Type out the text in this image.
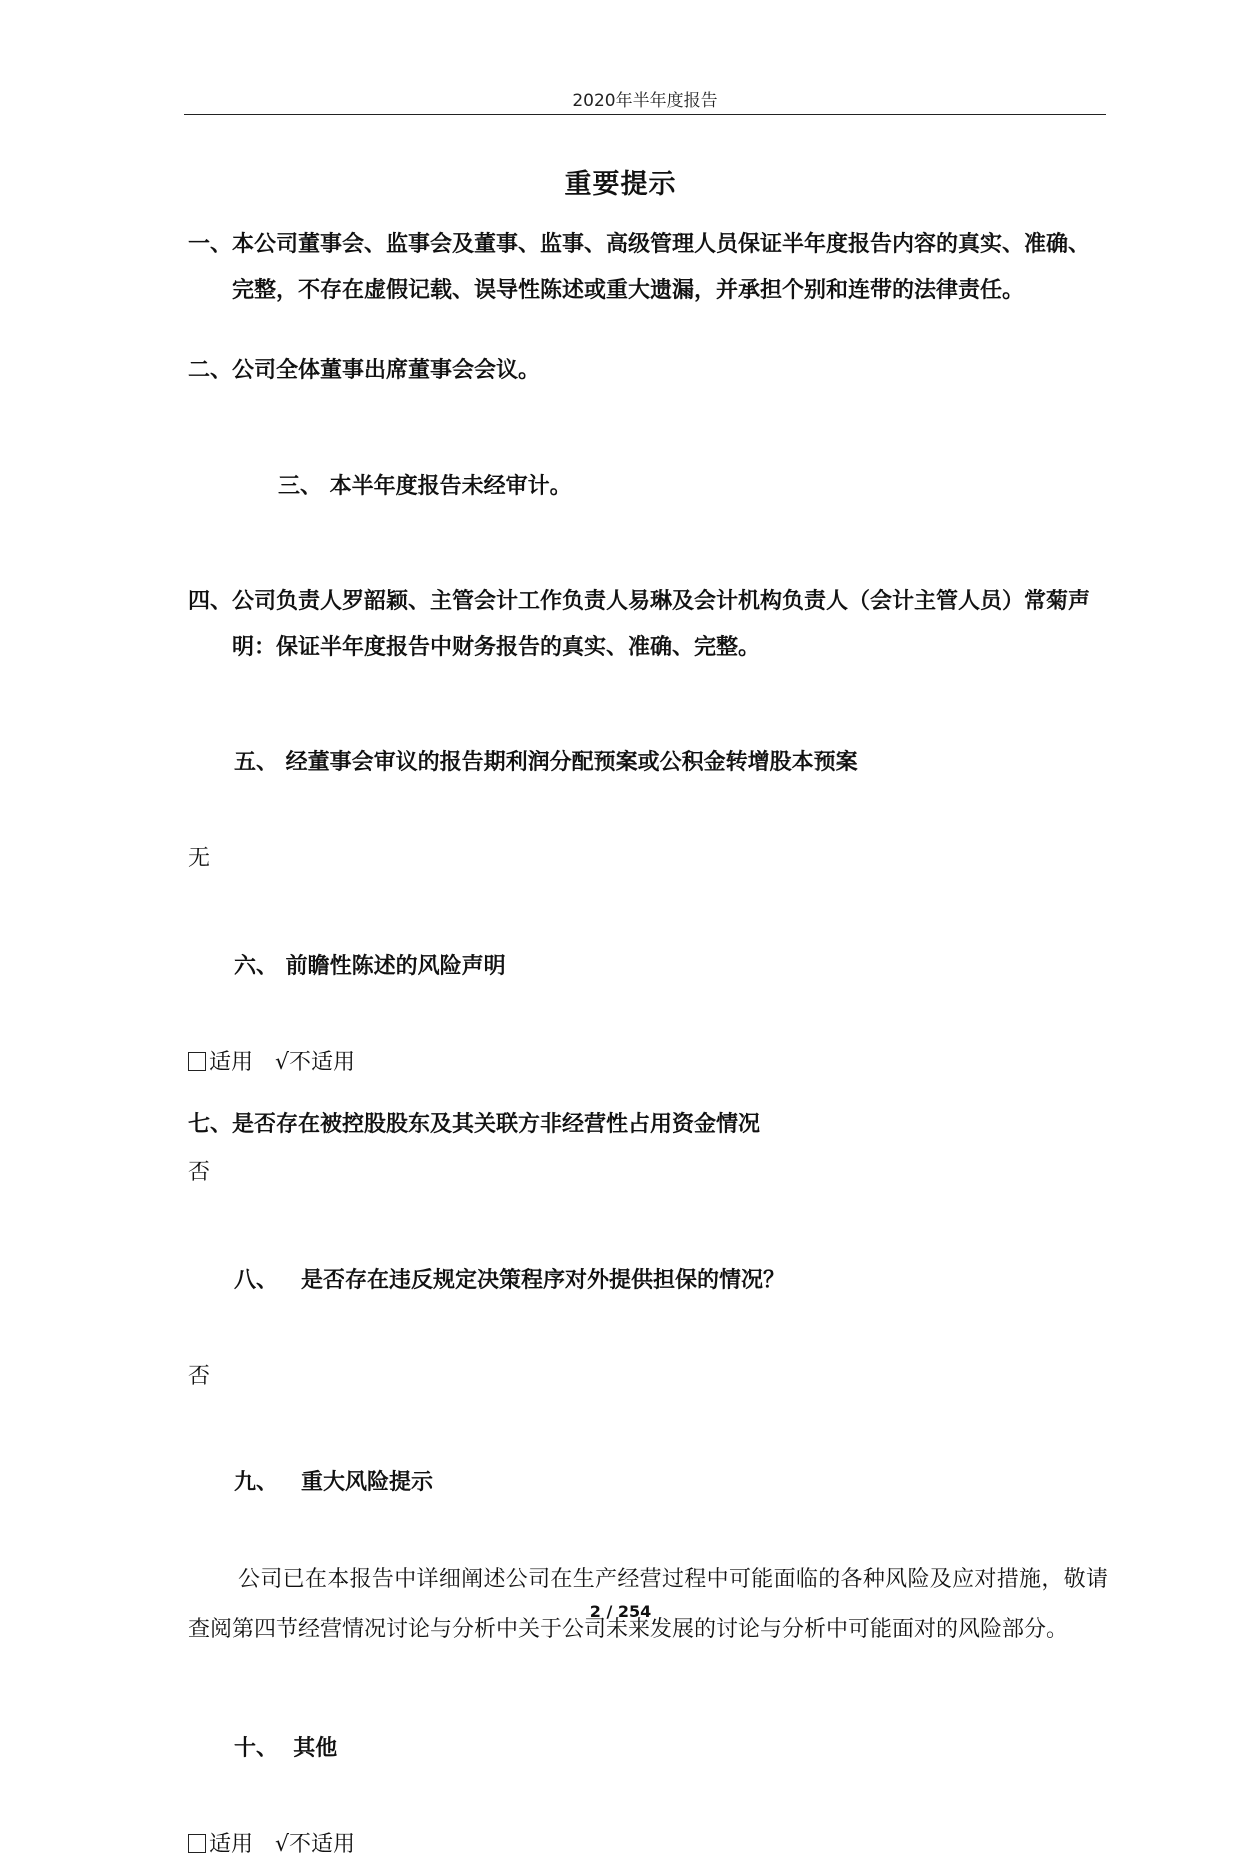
2020年半年度报告
重要提示
一、本公司董事会、监事会及董事、监事、高级管理人员保证半年度报告内容的真实、准确、完整，不存在虚假记载、误导性陈述或重大遗漏，并承担个别和连带的法律责任。
二、公司全体董事出席董事会会议。

三、 本半年度报告未经审计。

四、公司负责人罗韶颖、主管会计工作负责人易琳及会计机构负责人（会计主管人员）常菊声明：保证半年度报告中财务报告的真实、准确、完整。

五、 经董事会审议的报告期利润分配预案或公积金转增股本预案

无

六、 前瞻性陈述的风险声明

适用 √不适用
七、是否存在被控股股东及其关联方非经营性占用资金情况
否

八、   是否存在违反规定决策程序对外提供担保的情况？

否

九、   重大风险提示

公司已在本报告中详细阐述公司在生产经营过程中可能面临的各种风险及应对措施，敬请查阅第四节经营情况讨论与分析中关于公司未来发展的讨论与分析中可能面对的风险部分。

十、  其他

适用 √不适用
2 / 254
